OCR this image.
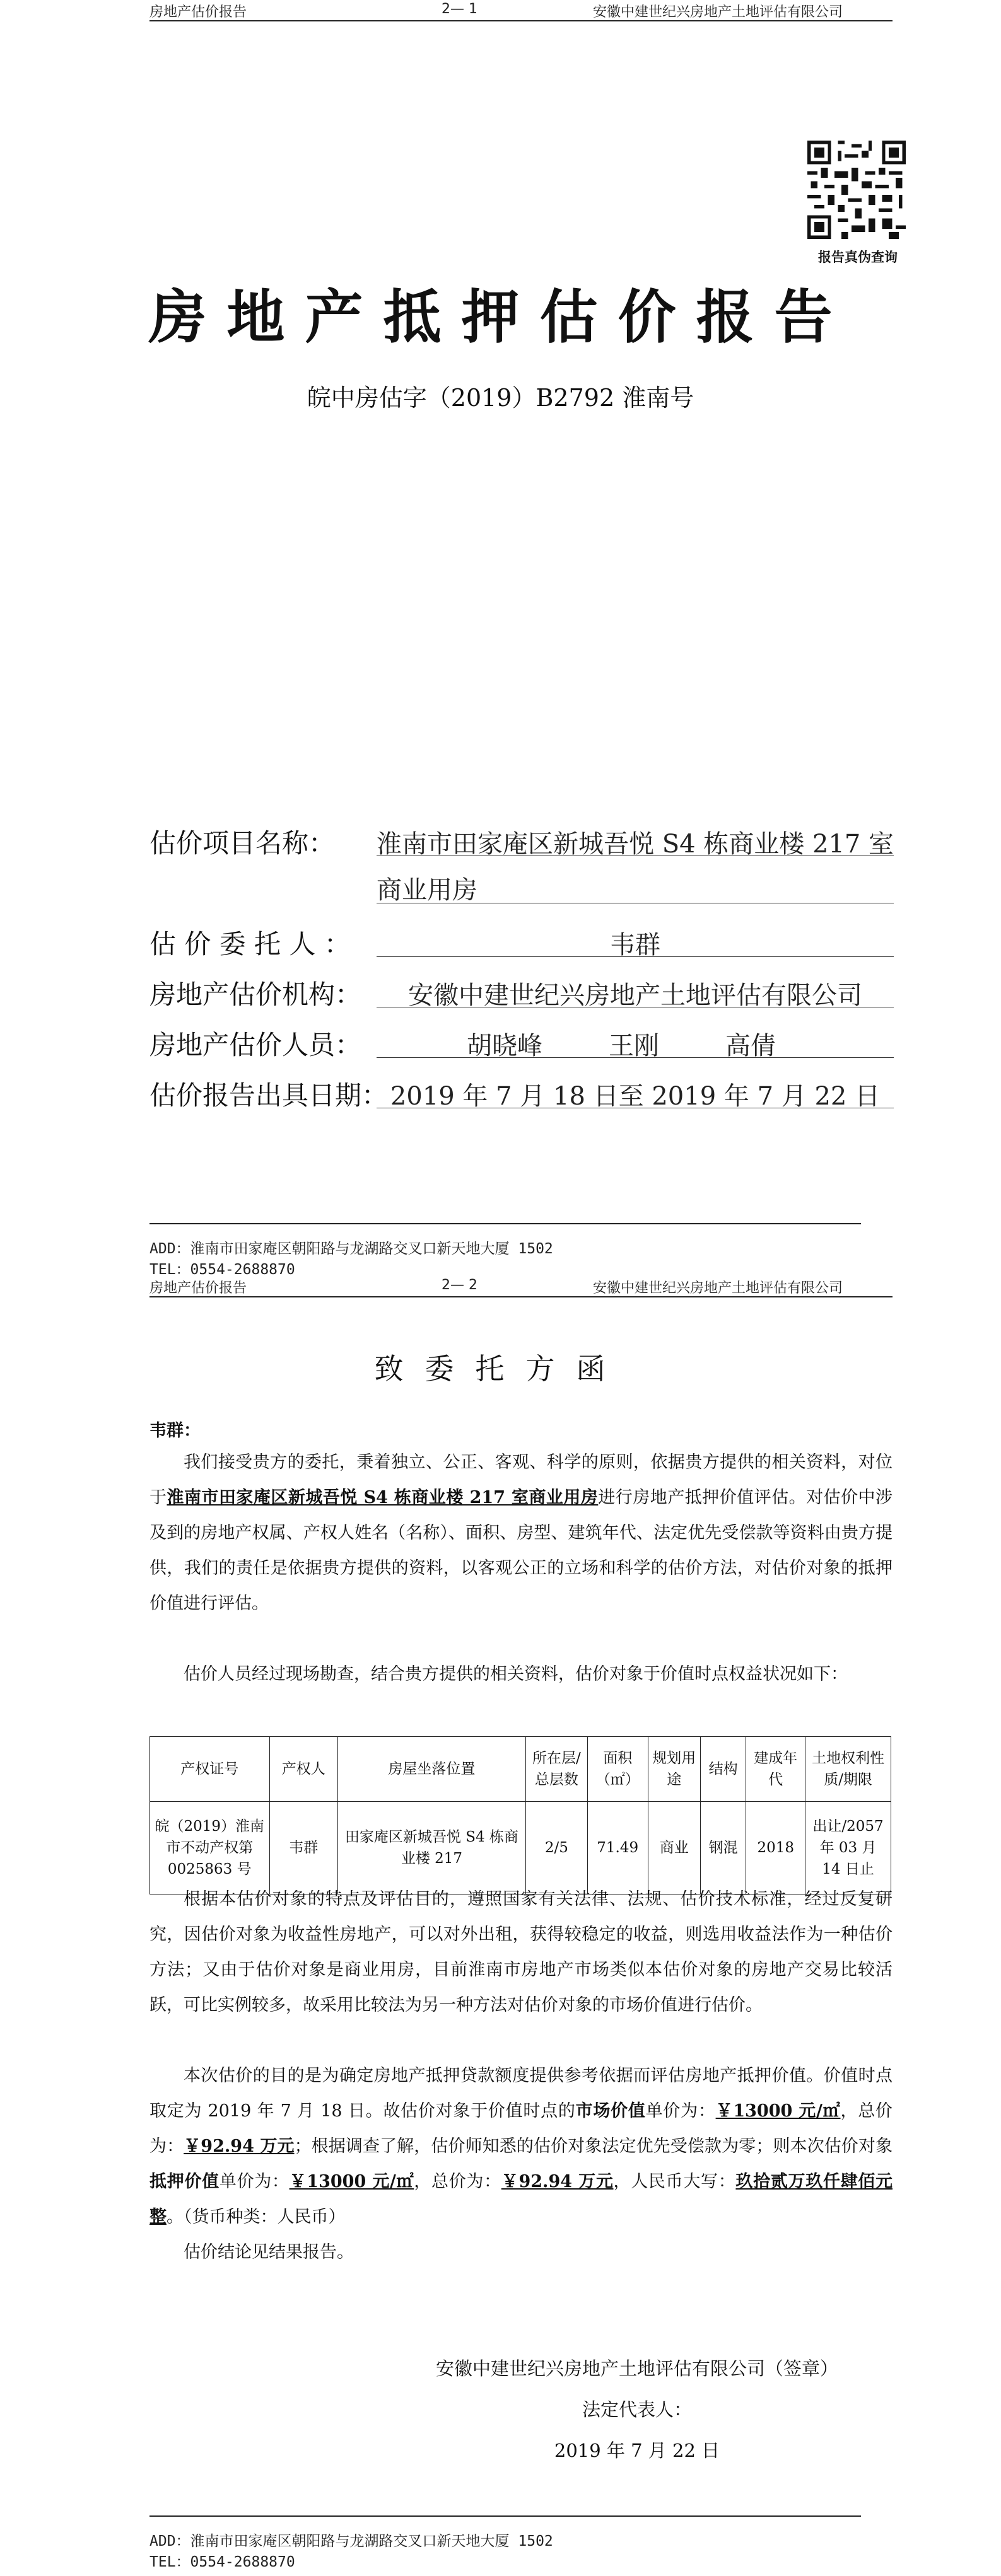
房地产估价报告	2— 1	安徽中建世纪兴房地产土地评估有限公司
报告真伪查询
房地产抵押估价报告
皖中房估字（2019）B2792 淮南号
估价项目名称： 淮南市田家庵区新城吾悦 S4 栋商业楼 217 室
商业用房
估 价 委 托 人 ：	韦群
房地产估价机构：	安徽中建世纪兴房地产土地评估有限公司
房地产估价人员：	胡晓峰	王刚	高倩
估价报告出具日期： 2019 年 7 月 18 日至 2019 年 7 月 22 日
ADD：淮南市田家庵区朝阳路与龙湖路交叉口新天地大厦 1502
TEL：0554-2688870
房地产估价报告	2— 2	安徽中建世纪兴房地产土地评估有限公司
致委托方函
韦群：
我们接受贵方的委托，秉着独立、公正、客观、科学的原则，依据贵方提供的相关资料，对位于淮南市田家庵区新城吾悦 S4 栋商业楼 217 室商业用房进行房地产抵押价值评估。对估价中涉及到的房地产权属、产权人姓名（名称）、面积、房型、建筑年代、法定优先受偿款等资料由贵方提供，我们的责任是依据贵方提供的资料，以客观公正的立场和科学的估价方法，对估价对象的抵押价值进行评估。
估价人员经过现场勘查，结合贵方提供的相关资料，估价对象于价值时点权益状况如下：
产权证号	产权人	房屋坐落位置	所在层/总层数	面积（㎡）	规划用途	结构	建成年代	土地权利性质/期限
皖（2019）淮南市不动产权第 0025863 号	韦群	田家庵区新城吾悦 S4 栋商业楼 217	2/5	71.49	商业	钢混	2018	出让/2057 年 03 月 14 日止
根据本估价对象的特点及评估目的，遵照国家有关法律、法规、估价技术标准，经过反复研究，因估价对象为收益性房地产，可以对外出租，获得较稳定的收益，则选用收益法作为一种估价方法；又由于估价对象是商业用房，目前淮南市房地产市场类似本估价对象的房地产交易比较活跃，可比实例较多，故采用比较法为另一种方法对估价对象的市场价值进行估价。
本次估价的目的是为确定房地产抵押贷款额度提供参考依据而评估房地产抵押价值。价值时点取定为 2019 年 7 月 18 日。故估价对象于价值时点的市场价值单价为：￥13000 元/㎡，总价为：￥92.94 万元；根据调查了解，估价师知悉的估价对象法定优先受偿款为零；则本次估价对象抵押价值单价为：￥13000 元/㎡，总价为：￥92.94 万元，人民币大写：玖拾贰万玖仟肆佰元整。（货币种类：人民币）
估价结论见结果报告。
安徽中建世纪兴房地产土地评估有限公司（签章）
法定代表人：
2019 年 7 月 22 日
ADD：淮南市田家庵区朝阳路与龙湖路交叉口新天地大厦 1502
TEL：0554-2688870
